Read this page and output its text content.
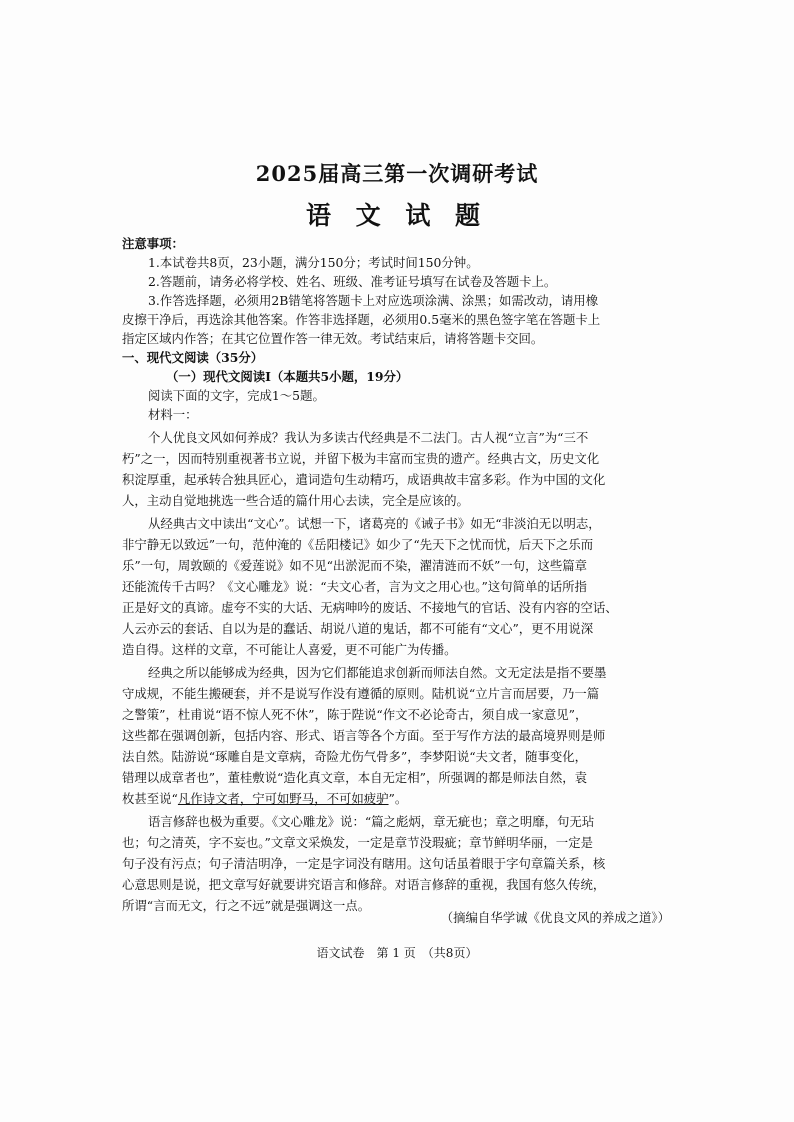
2025届高三第一次调研考试
语 文 试 题
注意事项：
1.本试卷共8页，23小题，满分150分；考试时间150分钟。
2.答题前，请务必将学校、姓名、班级、准考证号填写在试卷及答题卡上。
3.作答选择题，必须用2B错笔将答题卡上对应选项涂满、涂黑；如需改动，请用橡
皮擦干净后，再选涂其他答案。作答非选择题，必须用0.5毫米的黑色签字笔在答题卡上
指定区域内作答；在其它位置作答一律无效。考试结束后，请将答题卡交回。
一、现代文阅读（35分）
（一）现代文阅读Ⅰ（本题共5小题，19分）
阅读下面的文字，完成1～5题。
材料一：
个人优良文风如何养成？我认为多读古代经典是不二法门。古人视“立言”为“三不
朽”之一，因而特别重视著书立说，并留下极为丰富而宝贵的遗产。经典古文，历史文化
积淀厚重，起承转合独具匠心，遣词造句生动精巧，成语典故丰富多彩。作为中国的文化
人，主动自觉地挑选一些合适的篇什用心去读，完全是应该的。
从经典古文中读出“文心”。试想一下，诸葛亮的《诫子书》如无“非淡泊无以明志，
非宁静无以致远”一句，范仲淹的《岳阳楼记》如少了“先天下之忧而忧，后天下之乐而
乐”一句，周敦颐的《爱莲说》如不见“出淤泥而不染，濯清涟而不妖”一句，这些篇章
还能流传千古吗？《文心雕龙》说：“夫文心者，言为文之用心也。”这句简单的话所指
正是好文的真谛。虚夸不实的大话、无病呻吟的废话、不接地气的官话、没有内容的空话、
人云亦云的套话、自以为是的蠢话、胡说八道的鬼话，都不可能有“文心”，更不用说深
造自得。这样的文章，不可能让人喜爱，更不可能广为传播。
经典之所以能够成为经典，因为它们都能追求创新而师法自然。文无定法是指不要墨
守成规，不能生搬硬套，并不是说写作没有遵循的原则。陆机说“立片言而居要，乃一篇
之警策”，杜甫说“语不惊人死不休”，陈于陛说“作文不必论奇古，须自成一家意见”，
这些都在强调创新，包括内容、形式、语言等各个方面。至于写作方法的最高境界则是师
法自然。陆游说“琢雕自是文章病，奇险尤伤气骨多”，李梦阳说“夫文者，随事变化，
错理以成章者也”，董桂敷说“造化真文章，本自无定相”，所强调的都是师法自然，袁
枚甚至说“凡作诗文者，宁可如野马，不可如疲驴”。
语言修辞也极为重要。《文心雕龙》说：“篇之彪炳，章无疵也；章之明靡，句无玷
也；句之清英，字不妄也。”文章文采焕发，一定是章节没瑕疵；章节鲜明华丽，一定是
句子没有污点；句子清洁明净，一定是字词没有瞎用。这句话虽着眼于字句章篇关系，核
心意思则是说，把文章写好就要讲究语言和修辞。对语言修辞的重视，我国有悠久传统，
所谓“言而无文，行之不远”就是强调这一点。
（摘编自华学诚《优良文风的养成之道》）
语文试卷　第 1 页　（共8页）
